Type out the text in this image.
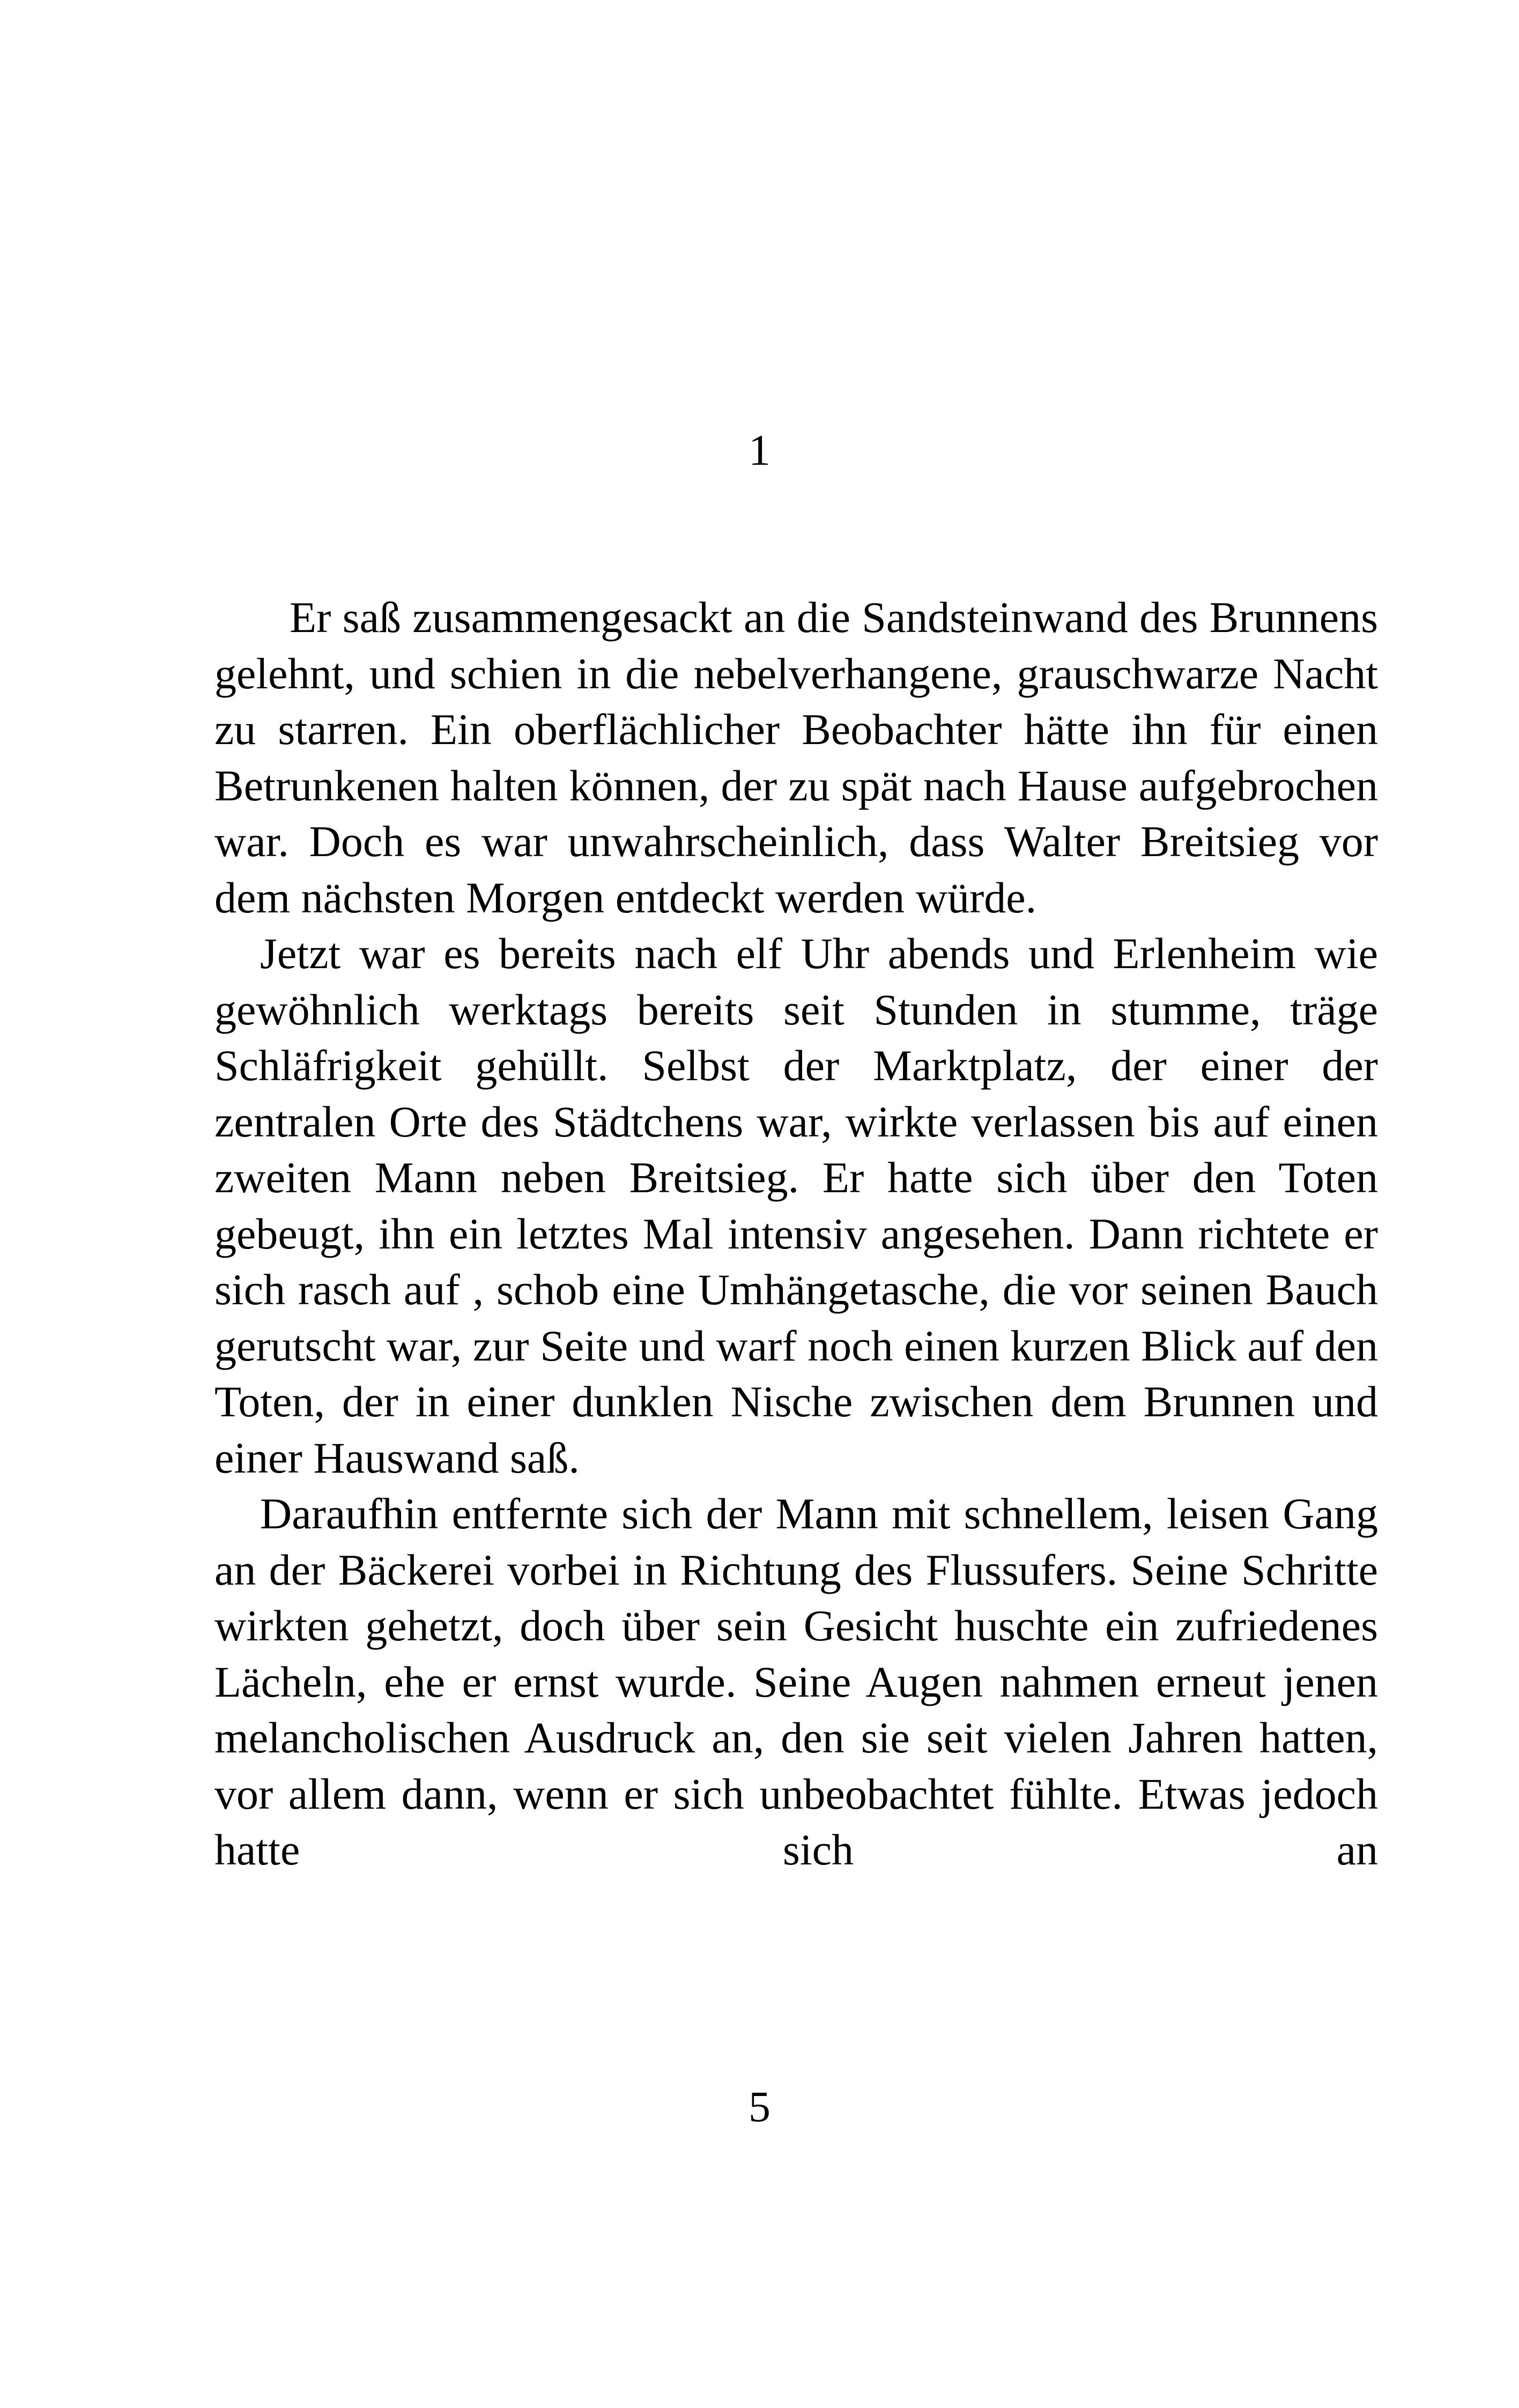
1

Er saß zusammengesackt an die Sandsteinwand des Brunnens gelehnt, und schien in die nebelverhangene, grauschwarze Nacht zu starren. Ein oberflächlicher Beobachter hätte ihn für einen Betrunkenen halten können, der zu spät nach Hause aufgebrochen war. Doch es war unwahrscheinlich, dass Walter Breitsieg vor dem nächsten Morgen entdeckt werden würde.

Jetzt war es bereits nach elf Uhr abends und Erlenheim wie gewöhnlich werktags bereits seit Stunden in stumme, träge Schläfrigkeit gehüllt. Selbst der Marktplatz, der einer der zentralen Orte des Städtchens war, wirkte verlassen bis auf einen zweiten Mann neben Breitsieg. Er hatte sich über den Toten gebeugt, ihn ein letztes Mal intensiv angesehen. Dann richtete er sich rasch auf , schob eine Umhängetasche, die vor seinen Bauch gerutscht war, zur Seite und warf noch einen kurzen Blick auf den Toten, der in einer dunklen Nische zwischen dem Brunnen und einer Hauswand saß.

Daraufhin entfernte sich der Mann mit schnellem, leisen Gang an der Bäckerei vorbei in Richtung des Flussufers. Seine Schritte wirkten gehetzt, doch über sein Gesicht huschte ein zufriedenes Lächeln, ehe er ernst wurde. Seine Augen nahmen erneut jenen melancholischen Ausdruck an, den sie seit vielen Jahren hatten, vor allem dann, wenn er sich unbeobachtet fühlte. Etwas jedoch hatte sich an

5
